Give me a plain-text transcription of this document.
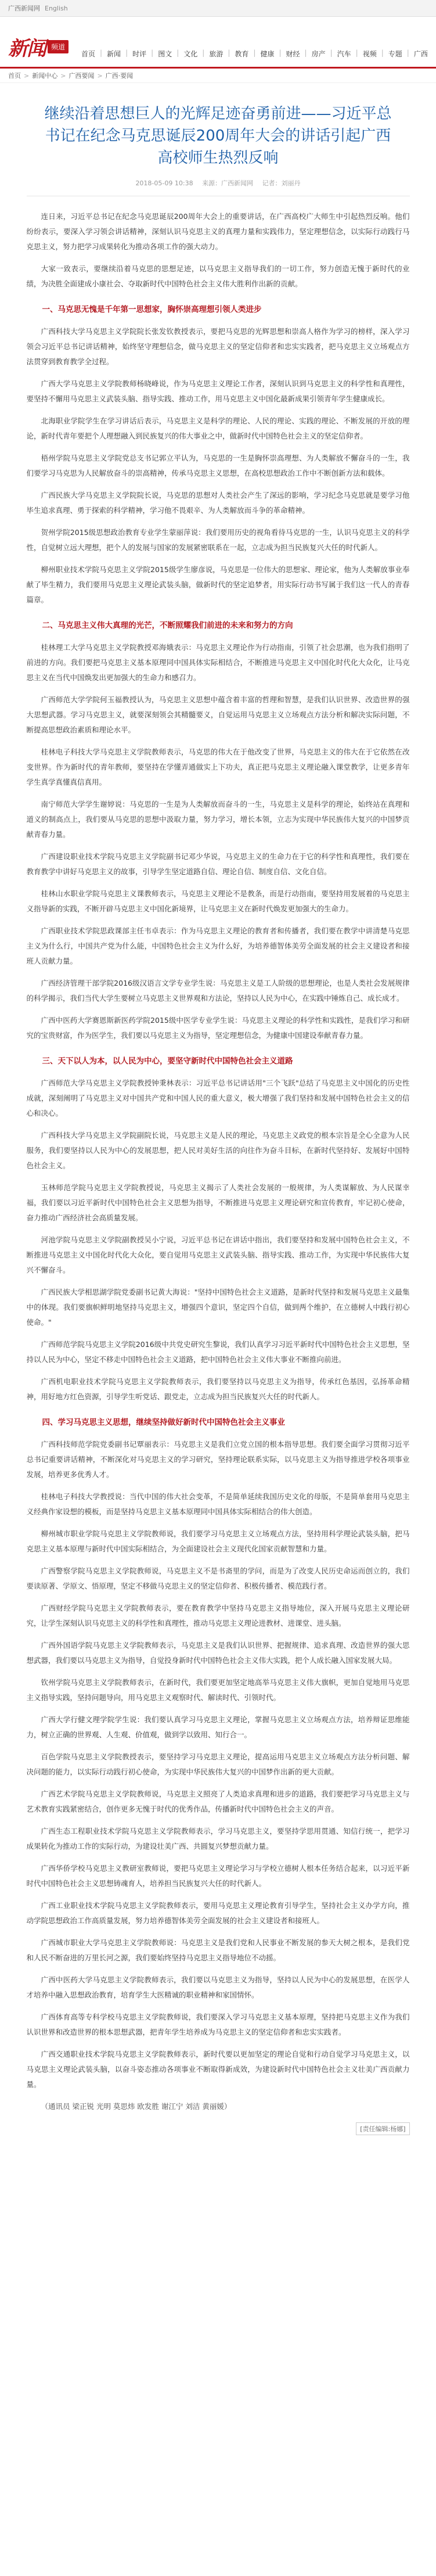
广西新闻网 English
新闻 频道
首页 | 新闻 | 时评 | 图文 | 文化 | 旅游 | 教育 | 健康 | 财经 | 房产 | 汽车 | 视频 | 专题 | 广西
首页 > 新闻中心 > 广西要闻 > 广西·要闻
继续沿着思想巨人的光辉足迹奋勇前进——习近平总书记在纪念马克思诞辰200周年大会的讲话引起广西高校师生热烈反响
2018-05-09 10:38 来源：广西新闻网 记者：刘丽丹

连日来，习近平总书记在纪念马克思诞辰200周年大会上的重要讲话，在广西高校广大师生中引起热烈反响。他们纷纷表示，要深入学习领会讲话精神，深刻认识马克思主义的真理力量和实践伟力，坚定理想信念，以实际行动践行马克思主义，努力把学习成果转化为推动各项工作的强大动力。

大家一致表示，要继续沿着马克思的思想足迹，以马克思主义指导我们的一切工作，努力创造无愧于新时代的业绩，为决胜全面建成小康社会、夺取新时代中国特色社会主义伟大胜利作出新的贡献。

一、马克思无愧是千年第一思想家，胸怀崇高理想引领人类进步

广西科技大学马克思主义学院院长张发钦教授表示，要把马克思的光辉思想和崇高人格作为学习的榜样，深入学习领会习近平总书记讲话精神，始终坚守理想信念，做马克思主义的坚定信仰者和忠实实践者，把马克思主义立场观点方法贯穿到教育教学全过程。

广西大学马克思主义学院教师杨晓峰说，作为马克思主义理论工作者，深刻认识到马克思主义的科学性和真理性，要坚持不懈用马克思主义武装头脑、指导实践、推动工作，用马克思主义中国化最新成果引领青年学生健康成长。

北海职业学院学生在学习讲话后表示，马克思主义是科学的理论、人民的理论、实践的理论、不断发展的开放的理论，新时代青年要把个人理想融入到民族复兴的伟大事业之中，做新时代中国特色社会主义的坚定信仰者。

梧州学院马克思主义学院党总支书记郭立平认为，马克思的一生是胸怀崇高理想、为人类解放不懈奋斗的一生，我们要学习马克思为人民解放奋斗的崇高精神，传承马克思主义思想，在高校思想政治工作中不断创新方法和载体。

广西民族大学马克思主义学院院长说，马克思的思想对人类社会产生了深远的影响，学习纪念马克思就是要学习他毕生追求真理、勇于探索的科学精神，学习他不畏艰辛、为人类解放而斗争的革命精神。

贺州学院2015级思想政治教育专业学生蒙丽萍说：我们要用历史的视角看待马克思的一生，认识马克思主义的科学性，自觉树立远大理想，把个人的发展与国家的发展紧密联系在一起，立志成为担当民族复兴大任的时代新人。

柳州职业技术学院马克思主义学院2015级学生廖彦说，马克思是一位伟大的思想家、理论家，他为人类解放事业奉献了毕生精力，我们要用马克思主义理论武装头脑，做新时代的坚定追梦者，用实际行动书写属于我们这一代人的青春篇章。

二、马克思主义伟大真理的光芒，不断照耀我们前进的未来和努力的方向

桂林理工大学马克思主义学院教授邓海娥表示：马克思主义理论作为行动指南，引领了社会思潮，也为我们指明了前进的方向。我们要把马克思主义基本原理同中国具体实际相结合，不断推进马克思主义中国化时代化大众化，让马克思主义在当代中国焕发出更加强大的生命力和感召力。

广西师范大学学院何玉福教授认为，马克思主义思想中蕴含着丰富的哲理和智慧，是我们认识世界、改造世界的强大思想武器。学习马克思主义，就要深刻领会其精髓要义，自觉运用马克思主义立场观点方法分析和解决实际问题，不断提高思想政治素质和理论水平。

桂林电子科技大学马克思主义学院教师表示，马克思的伟大在于他改变了世界，马克思主义的伟大在于它依然在改变世界。作为新时代的青年教师，要坚持在学懂弄通做实上下功夫，真正把马克思主义理论融入课堂教学，让更多青年学生真学真懂真信真用。

南宁师范大学学生谢婷说：马克思的一生是为人类解放而奋斗的一生，马克思主义是科学的理论，始终站在真理和道义的制高点上，我们要从马克思的思想中汲取力量，努力学习，增长本领，立志为实现中华民族伟大复兴的中国梦贡献青春力量。

广西建设职业技术学院马克思主义学院副书记邓少华说，马克思主义的生命力在于它的科学性和真理性，我们要在教育教学中讲好马克思主义的故事，引导学生坚定道路自信、理论自信、制度自信、文化自信。

桂林山水职业学院马克思主义课教师表示，马克思主义理论不是教条，而是行动指南，要坚持用发展着的马克思主义指导新的实践，不断开辟马克思主义中国化新境界，让马克思主义在新时代焕发更加强大的生命力。

广西职业技术学院思政课部主任韦卓表示：作为马克思主义理论的教育者和传播者，我们要在教学中讲清楚马克思主义为什么行，中国共产党为什么能，中国特色社会主义为什么好，为培养德智体美劳全面发展的社会主义建设者和接班人贡献力量。

广西经济管理干部学院2016级汉语言文学专业学生说：马克思主义是工人阶级的思想理论，也是人类社会发展规律的科学揭示，我们当代大学生要树立马克思主义世界观和方法论，坚持以人民为中心，在实践中锤炼自己、成长成才。

广西中医药大学赛恩斯新医药学院2015级中医学专业学生说：马克思主义理论的科学性和实践性，是我们学习和研究的宝贵财富，作为医学生，我们要以马克思主义为指导，坚定理想信念，为健康中国建设奉献青春力量。

三、天下以人为本，以人民为中心，要坚守新时代中国特色社会主义道路

广西师范大学马克思主义学院教授钟秉林表示：习近平总书记讲话用"三个飞跃"总结了马克思主义中国化的历史性成就，深刻阐明了马克思主义对中国共产党和中国人民的重大意义，极大增强了我们坚持和发展中国特色社会主义的信心和决心。

广西科技大学马克思主义学院副院长说，马克思主义是人民的理论，马克思主义政党的根本宗旨是全心全意为人民服务，我们要坚持以人民为中心的发展思想，把人民对美好生活的向往作为奋斗目标，在新时代坚持好、发展好中国特色社会主义。

玉林师范学院马克思主义学院教授说，马克思主义揭示了人类社会发展的一般规律，为人类谋解放、为人民谋幸福，我们要以习近平新时代中国特色社会主义思想为指导，不断推进马克思主义理论研究和宣传教育，牢记初心使命，奋力推动广西经济社会高质量发展。

河池学院马克思主义学院副教授吴小宁说，习近平总书记在讲话中指出，我们要坚持和发展中国特色社会主义，不断推进马克思主义中国化时代化大众化，要自觉用马克思主义武装头脑、指导实践、推动工作，为实现中华民族伟大复兴不懈奋斗。

广西民族大学相思湖学院党委副书记黄大海说："坚持中国特色社会主义道路，是新时代坚持和发展马克思主义最集中的体现。我们要旗帜鲜明地坚持马克思主义，增强四个意识，坚定四个自信，做到两个维护，在立德树人中践行初心使命。"

广西师范学院马克思主义学院2016级中共党史研究生黎说，我们认真学习习近平新时代中国特色社会主义思想，坚持以人民为中心，坚定不移走中国特色社会主义道路，把中国特色社会主义伟大事业不断推向前进。

广西机电职业技术学院马克思主义学院教师表示，我们要坚持以马克思主义为指导，传承红色基因，弘扬革命精神，用好地方红色资源，引导学生听党话、跟党走，立志成为担当民族复兴大任的时代新人。

四、学习马克思主义思想，继续坚持做好新时代中国特色社会主义事业

广西科技师范学院党委副书记覃丽表示：马克思主义是我们立党立国的根本指导思想。我们要全面学习贯彻习近平总书记重要讲话精神，不断深化对马克思主义的学习研究，坚持理论联系实际，以马克思主义为指导推进学校各项事业发展，培养更多优秀人才。

桂林电子科技大学教授说：当代中国的伟大社会变革，不是简单延续我国历史文化的母版，不是简单套用马克思主义经典作家设想的模板，而是坚持马克思主义基本原理同中国具体实际相结合的伟大创造。

柳州城市职业学院马克思主义学院教师说，我们要学习马克思主义立场观点方法，坚持用科学理论武装头脑，把马克思主义基本原理与新时代中国实际相结合，为全面建设社会主义现代化国家贡献智慧和力量。

广西警察学院马克思主义学院教师说，马克思主义不是书斋里的学问，而是为了改变人民历史命运而创立的，我们要读原著、学原文、悟原理，坚定不移做马克思主义的坚定信仰者、积极传播者、模范践行者。

广西财经学院马克思主义学院教师表示，要在教育教学中坚持马克思主义指导地位，深入开展马克思主义理论研究，让学生深刻认识马克思主义的科学性和真理性，推动马克思主义理论进教材、进课堂、进头脑。

广西外国语学院马克思主义学院教师表示，马克思主义是我们认识世界、把握规律、追求真理、改造世界的强大思想武器，我们要以马克思主义为指导，自觉投身新时代中国特色社会主义伟大实践，把个人成长融入国家发展大局。

钦州学院马克思主义学院教师表示，在新时代，我们要更加坚定地高举马克思主义伟大旗帜，更加自觉地用马克思主义指导实践，坚持问题导向，用马克思主义观察时代、解读时代、引领时代。

广西大学行健文理学院学生说：我们要认真学习马克思主义理论，掌握马克思主义立场观点方法，培养辩证思维能力，树立正确的世界观、人生观、价值观，做到学以致用、知行合一。

百色学院马克思主义学院教授表示，要坚持学习马克思主义理论，提高运用马克思主义立场观点方法分析问题、解决问题的能力，以实际行动践行初心使命，为实现中华民族伟大复兴的中国梦作出新的更大贡献。

广西艺术学院马克思主义学院教师说，马克思主义照亮了人类追求真理和进步的道路，我们要把学习马克思主义与艺术教育实践紧密结合，创作更多无愧于时代的优秀作品，传播新时代中国特色社会主义的声音。

广西生态工程职业技术学院马克思主义学院教师表示，学习马克思主义，要坚持学思用贯通、知信行统一，把学习成果转化为推动工作的实际行动，为建设壮美广西、共圆复兴梦想贡献力量。

广西华侨学校马克思主义教研室教师说，要把马克思主义理论学习与学校立德树人根本任务结合起来，以习近平新时代中国特色社会主义思想铸魂育人，培养担当民族复兴大任的时代新人。

广西工业职业技术学院马克思主义学院教师表示，要用马克思主义理论教育引导学生，坚持社会主义办学方向，推动学院思想政治工作高质量发展，努力培养德智体美劳全面发展的社会主义建设者和接班人。

广西城市职业大学马克思主义学院教师说：马克思主义是我们党和人民事业不断发展的参天大树之根本，是我们党和人民不断奋进的万里长河之源，我们要始终坚持马克思主义指导地位不动摇。

广西中医药大学马克思主义学院教师表示，我们要以马克思主义为指导，坚持以人民为中心的发展思想，在医学人才培养中融入思想政治教育，培育学生大医精诚的职业精神和家国情怀。

广西体育高等专科学校马克思主义学院教师说，我们要深入学习马克思主义基本原理，坚持把马克思主义作为我们认识世界和改造世界的根本思想武器，把青年学生培养成为马克思主义的坚定信仰者和忠实实践者。

广西交通职业技术学院马克思主义学院教师表示，新时代要以更加坚定的理论自觉和行动自觉学习马克思主义，以马克思主义理论武装头脑，以奋斗姿态推动各项事业不断取得新成效，为建设新时代中国特色社会主义壮美广西贡献力量。

（通讯员 梁正锐 光明 莫思炜 欧发胜 谢江宁 刘洁 黄丽媛）

[责任编辑:杨娜]
